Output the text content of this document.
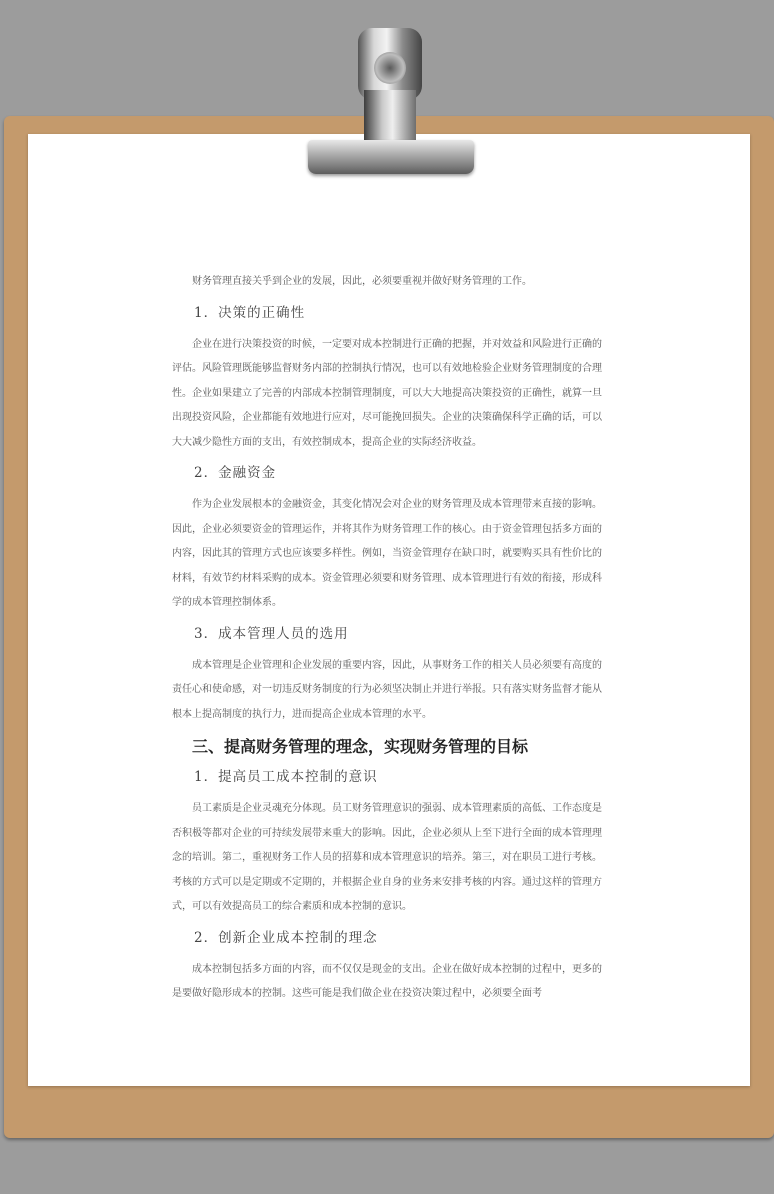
财务管理直接关乎到企业的发展，因此，必须要重视并做好财务管理的工作。

1．决策的正确性

企业在进行决策投资的时候，一定要对成本控制进行正确的把握，并对效益和风险进行正确的评估。风险管理既能够监督财务内部的控制执行情况，也可以有效地检验企业财务管理制度的合理性。企业如果建立了完善的内部成本控制管理制度，可以大大地提高决策投资的正确性，就算一旦出现投资风险，企业都能有效地进行应对，尽可能挽回损失。企业的决策确保科学正确的话，可以大大减少隐性方面的支出，有效控制成本，提高企业的实际经济收益。

2．金融资金

作为企业发展根本的金融资金，其变化情况会对企业的财务管理及成本管理带来直接的影响。因此，企业必须要资金的管理运作，并将其作为财务管理工作的核心。由于资金管理包括多方面的内容，因此其的管理方式也应该要多样性。例如，当资金管理存在缺口时，就要购买具有性价比的材料，有效节约材料采购的成本。资金管理必须要和财务管理、成本管理进行有效的衔接，形成科学的成本管理控制体系。

3．成本管理人员的选用

成本管理是企业管理和企业发展的重要内容，因此，从事财务工作的相关人员必须要有高度的责任心和使命感，对一切违反财务制度的行为必须坚决制止并进行举报。只有落实财务监督才能从根本上提高制度的执行力，进而提高企业成本管理的水平。

三、提高财务管理的理念，实现财务管理的目标
1．提高员工成本控制的意识

员工素质是企业灵魂充分体现。员工财务管理意识的强弱、成本管理素质的高低、工作态度是否积极等都对企业的可持续发展带来重大的影响。因此，企业必须从上至下进行全面的成本管理理念的培训。第二，重视财务工作人员的招募和成本管理意识的培养。第三，对在职员工进行考核。考核的方式可以是定期或不定期的，并根据企业自身的业务来安排考核的内容。通过这样的管理方式，可以有效提高员工的综合素质和成本控制的意识。

2．创新企业成本控制的理念

成本控制包括多方面的内容，而不仅仅是现金的支出。企业在做好成本控制的过程中，更多的是要做好隐形成本的控制。这些可能是我们做企业在投资决策过程中，必须要全面考
